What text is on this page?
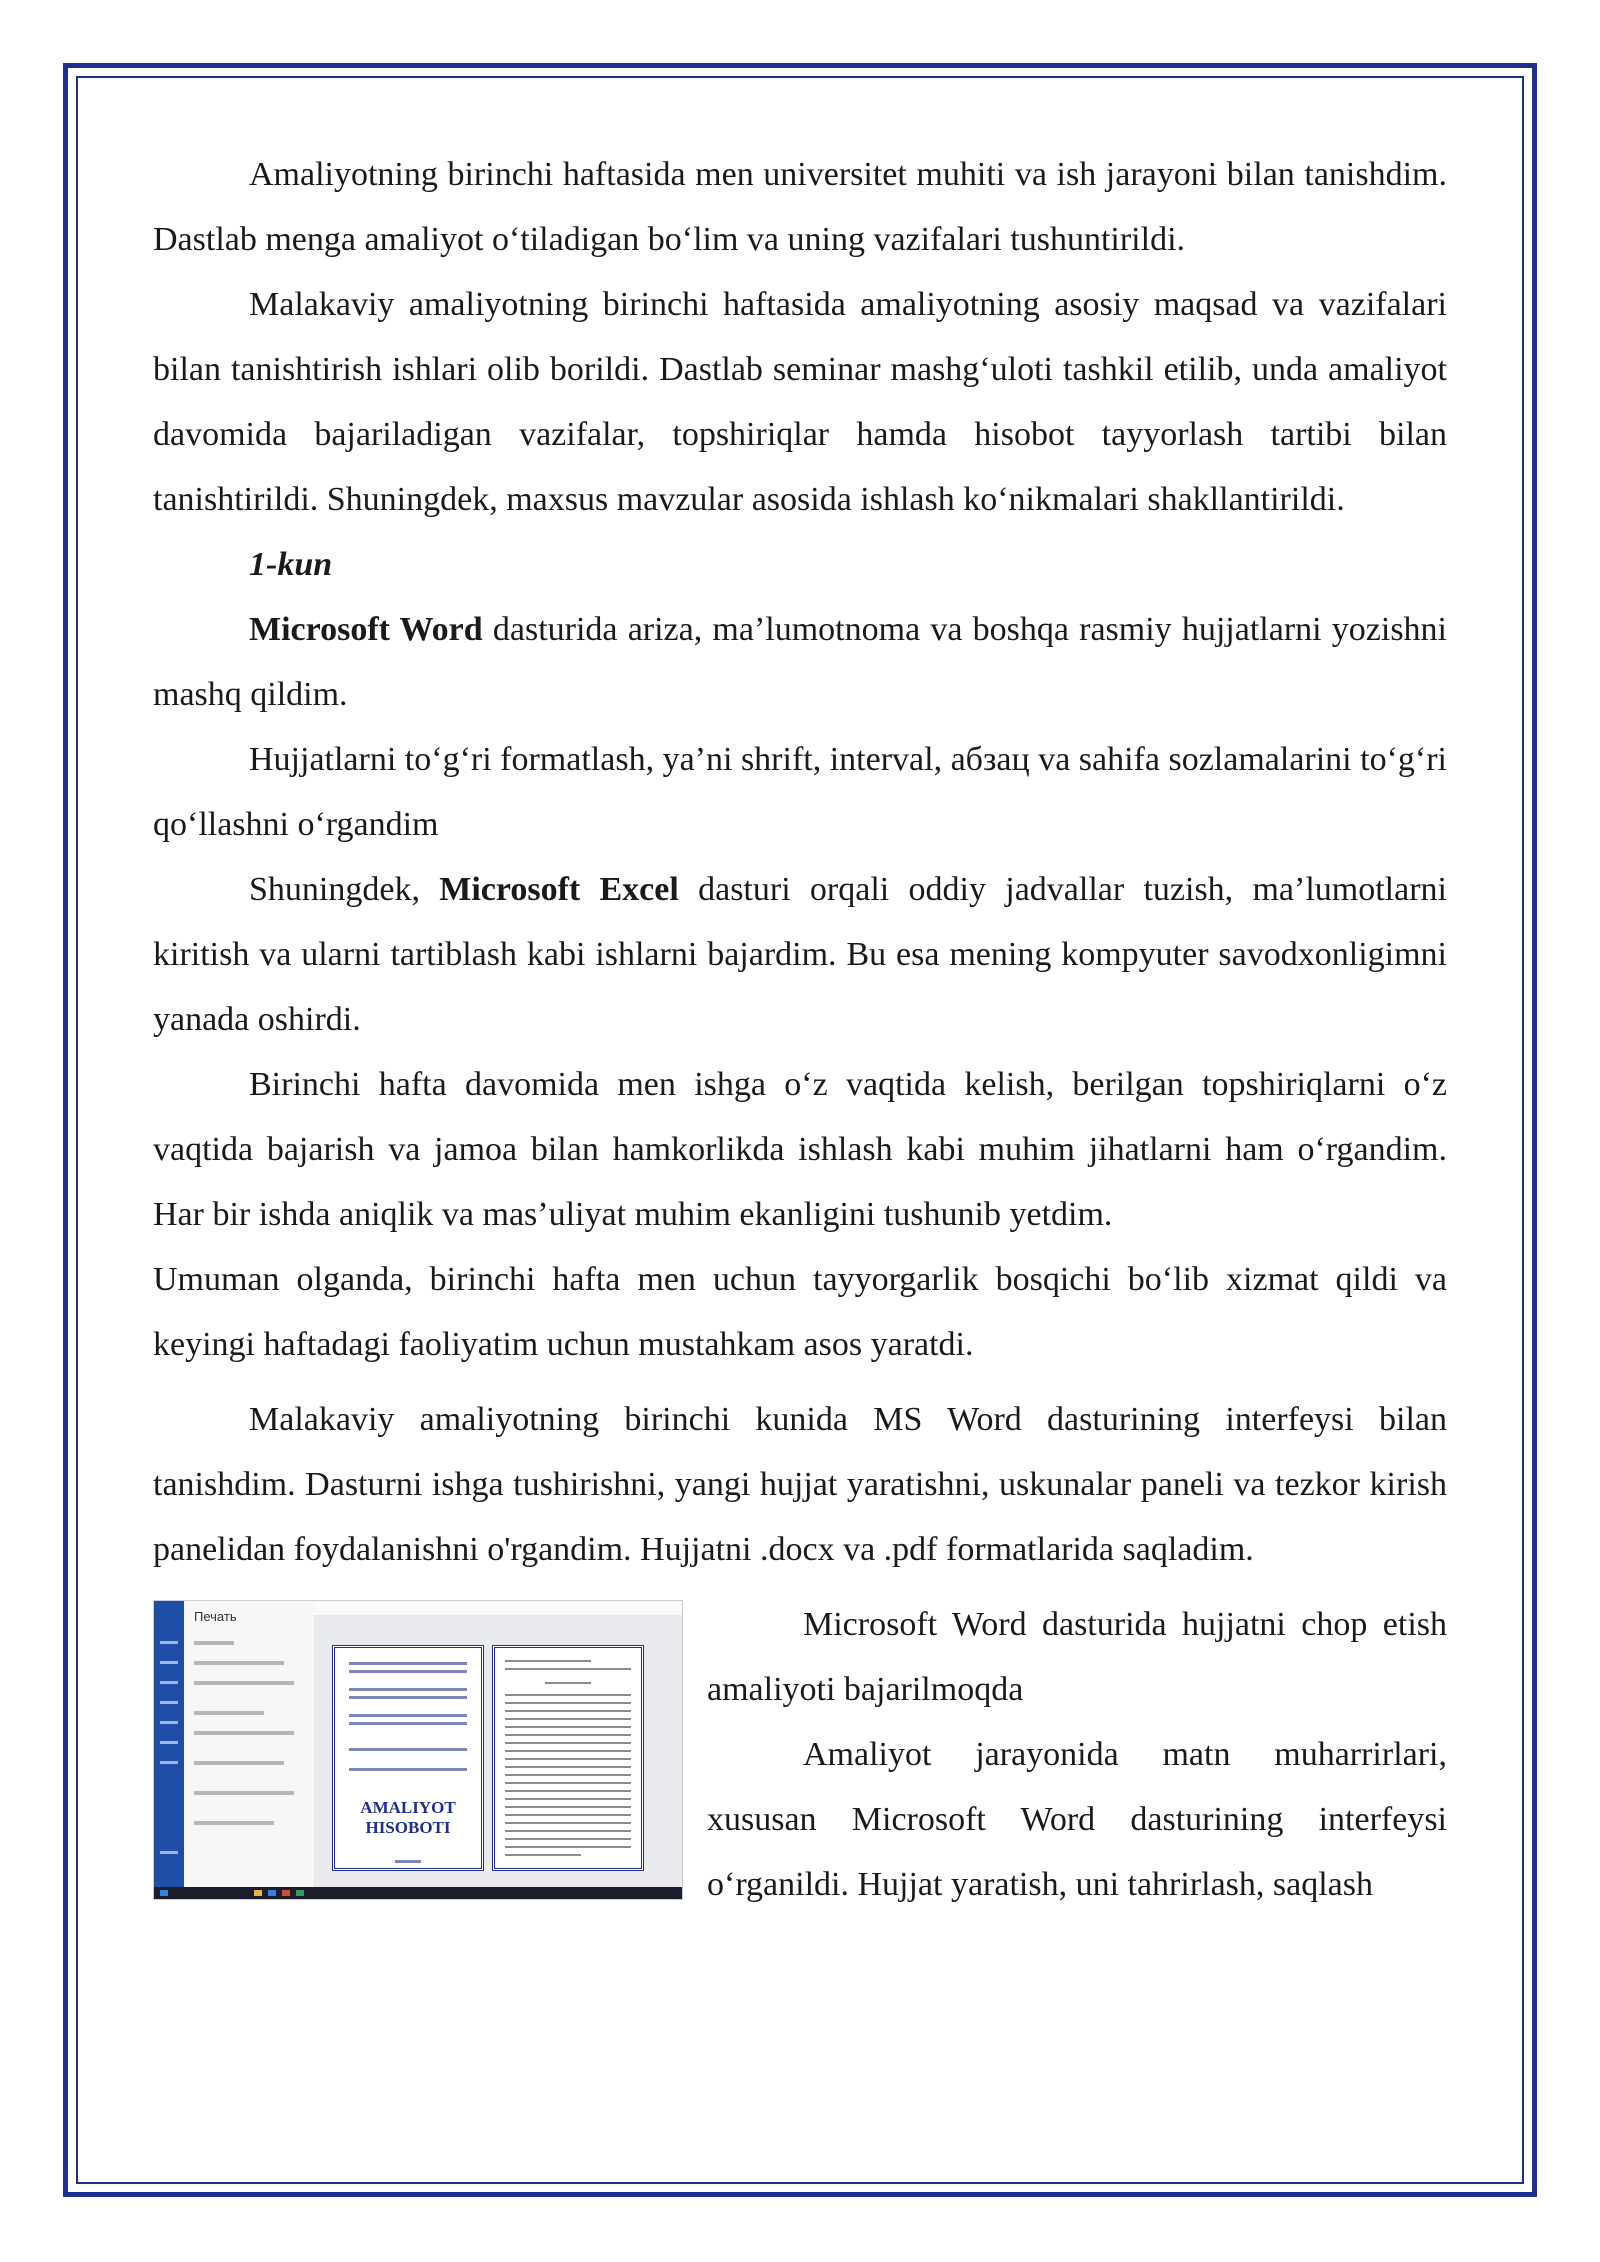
Amaliyotning birinchi haftasida men universitet muhiti va ish jarayoni bilan tanishdim. Dastlab menga amaliyot o‘tiladigan bo‘lim va uning vazifalari tushuntirildi.

Malakaviy amaliyotning birinchi haftasida amaliyotning asosiy maqsad va vazifalari bilan tanishtirish ishlari olib borildi. Dastlab seminar mashg‘uloti tashkil etilib, unda amaliyot davomida bajariladigan vazifalar, topshiriqlar hamda hisobot tayyorlash tartibi bilan tanishtirildi. Shuningdek, maxsus mavzular asosida ishlash ko‘nikmalari shakllantirildi.

1-kun

Microsoft Word dasturida ariza, ma’lumotnoma va boshqa rasmiy hujjatlarni yozishni mashq qildim.

Hujjatlarni to‘g‘ri formatlash, ya’ni shrift, interval, абзац va sahifa sozlamalarini to‘g‘ri qo‘llashni o‘rgandim

Shuningdek, Microsoft Excel dasturi orqali oddiy jadvallar tuzish, ma’lumotlarni kiritish va ularni tartiblash kabi ishlarni bajardim. Bu esa mening kompyuter savodxonligimni yanada oshirdi.

Birinchi hafta davomida men ishga o‘z vaqtida kelish, berilgan topshiriqlarni o‘z vaqtida bajarish va jamoa bilan hamkorlikda ishlash kabi muhim jihatlarni ham o‘rgandim. Har bir ishda aniqlik va mas’uliyat muhim ekanligini tushunib yetdim.

Umuman olganda, birinchi hafta men uchun tayyorgarlik bosqichi bo‘lib xizmat qildi va keyingi haftadagi faoliyatim uchun mustahkam asos yaratdi.

Malakaviy amaliyotning birinchi kunida MS Word dasturining interfeysi bilan tanishdim. Dasturni ishga tushirishni, yangi hujjat yaratishni, uskunalar paneli va tezkor kirish panelidan foydalanishni o'rgandim. Hujjatni .docx va .pdf formatlarida saqladim.

Печать
AMALIYOT
HISOBOTI

Microsoft Word dasturida hujjatni chop etish amaliyoti bajarilmoqda

Amaliyot jarayonida matn muharrirlari, xususan Microsoft Word dasturining interfeysi o‘rganildi. Hujjat yaratish, uni tahrirlash, saqlash
